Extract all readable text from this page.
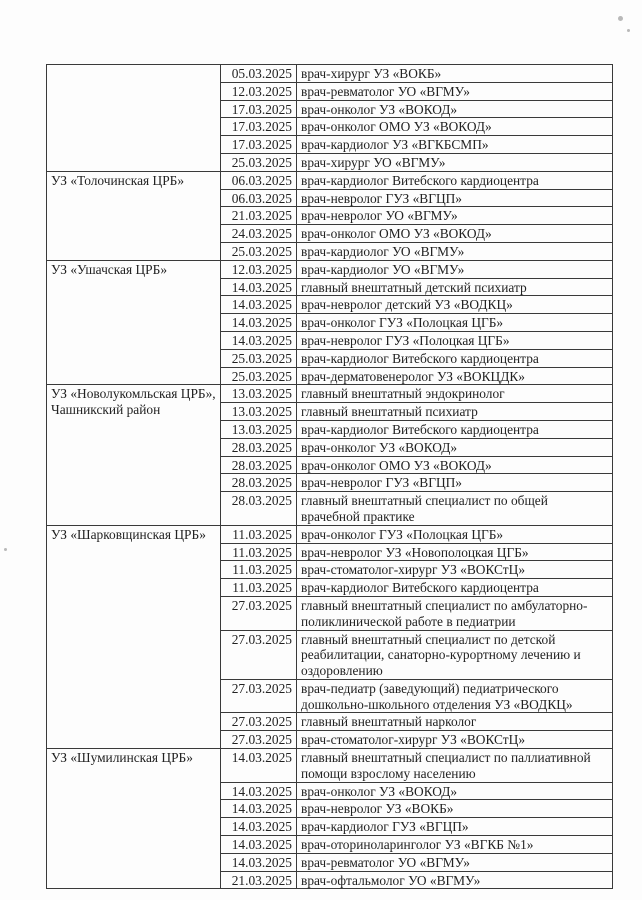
	05.03.2025	врач-хирург УЗ «ВОКБ»
	12.03.2025	врач-ревматолог УО «ВГМУ»
	17.03.2025	врач-онколог УЗ «ВОКОД»
	17.03.2025	врач-онколог ОМО УЗ «ВОКОД»
	17.03.2025	врач-кардиолог УЗ «ВГКБСМП»
	25.03.2025	врач-хирург УО «ВГМУ»
УЗ «Толочинская ЦРБ»	06.03.2025	врач-кардиолог Витебского кардиоцентра
	06.03.2025	врач-невролог ГУЗ «ВГЦП»
	21.03.2025	врач-невролог УО «ВГМУ»
	24.03.2025	врач-онколог ОМО УЗ «ВОКОД»
	25.03.2025	врач-кардиолог УО «ВГМУ»
УЗ «Ушачская ЦРБ»	12.03.2025	врач-кардиолог УО «ВГМУ»
	14.03.2025	главный внештатный детский психиатр
	14.03.2025	врач-невролог детский УЗ «ВОДКЦ»
	14.03.2025	врач-онколог ГУЗ «Полоцкая ЦГБ»
	14.03.2025	врач-невролог ГУЗ «Полоцкая ЦГБ»
	25.03.2025	врач-кардиолог Витебского кардиоцентра
	25.03.2025	врач-дерматовенеролог УЗ «ВОКЦДК»
УЗ «Новолукомльская ЦРБ», Чашникский район	13.03.2025	главный внештатный эндокринолог
	13.03.2025	главный внештатный психиатр
	13.03.2025	врач-кардиолог Витебского кардиоцентра
	28.03.2025	врач-онколог УЗ «ВОКОД»
	28.03.2025	врач-онколог ОМО УЗ «ВОКОД»
	28.03.2025	врач-невролог ГУЗ «ВГЦП»
	28.03.2025	главный внештатный специалист по общей врачебной практике
УЗ «Шарковщинская ЦРБ»	11.03.2025	врач-онколог ГУЗ «Полоцкая ЦГБ»
	11.03.2025	врач-невролог УЗ «Новополоцкая ЦГБ»
	11.03.2025	врач-стоматолог-хирург УЗ «ВОКСтЦ»
	11.03.2025	врач-кардиолог Витебского кардиоцентра
	27.03.2025	главный внештатный специалист по амбулаторно-поликлинической работе в педиатрии
	27.03.2025	главный внештатный специалист по детской реабилитации, санаторно-курортному лечению и оздоровлению
	27.03.2025	врач-педиатр (заведующий) педиатрического дошкольно-школьного отделения УЗ «ВОДКЦ»
	27.03.2025	главный внештатный нарколог
	27.03.2025	врач-стоматолог-хирург УЗ «ВОКСтЦ»
УЗ «Шумилинская ЦРБ»	14.03.2025	главный внештатный специалист по паллиативной помощи взрослому населению
	14.03.2025	врач-онколог УЗ «ВОКОД»
	14.03.2025	врач-невролог УЗ «ВОКБ»
	14.03.2025	врач-кардиолог ГУЗ «ВГЦП»
	14.03.2025	врач-оториноларинголог УЗ «ВГКБ №1»
	14.03.2025	врач-ревматолог УО «ВГМУ»
	21.03.2025	врач-офтальмолог УО «ВГМУ»
